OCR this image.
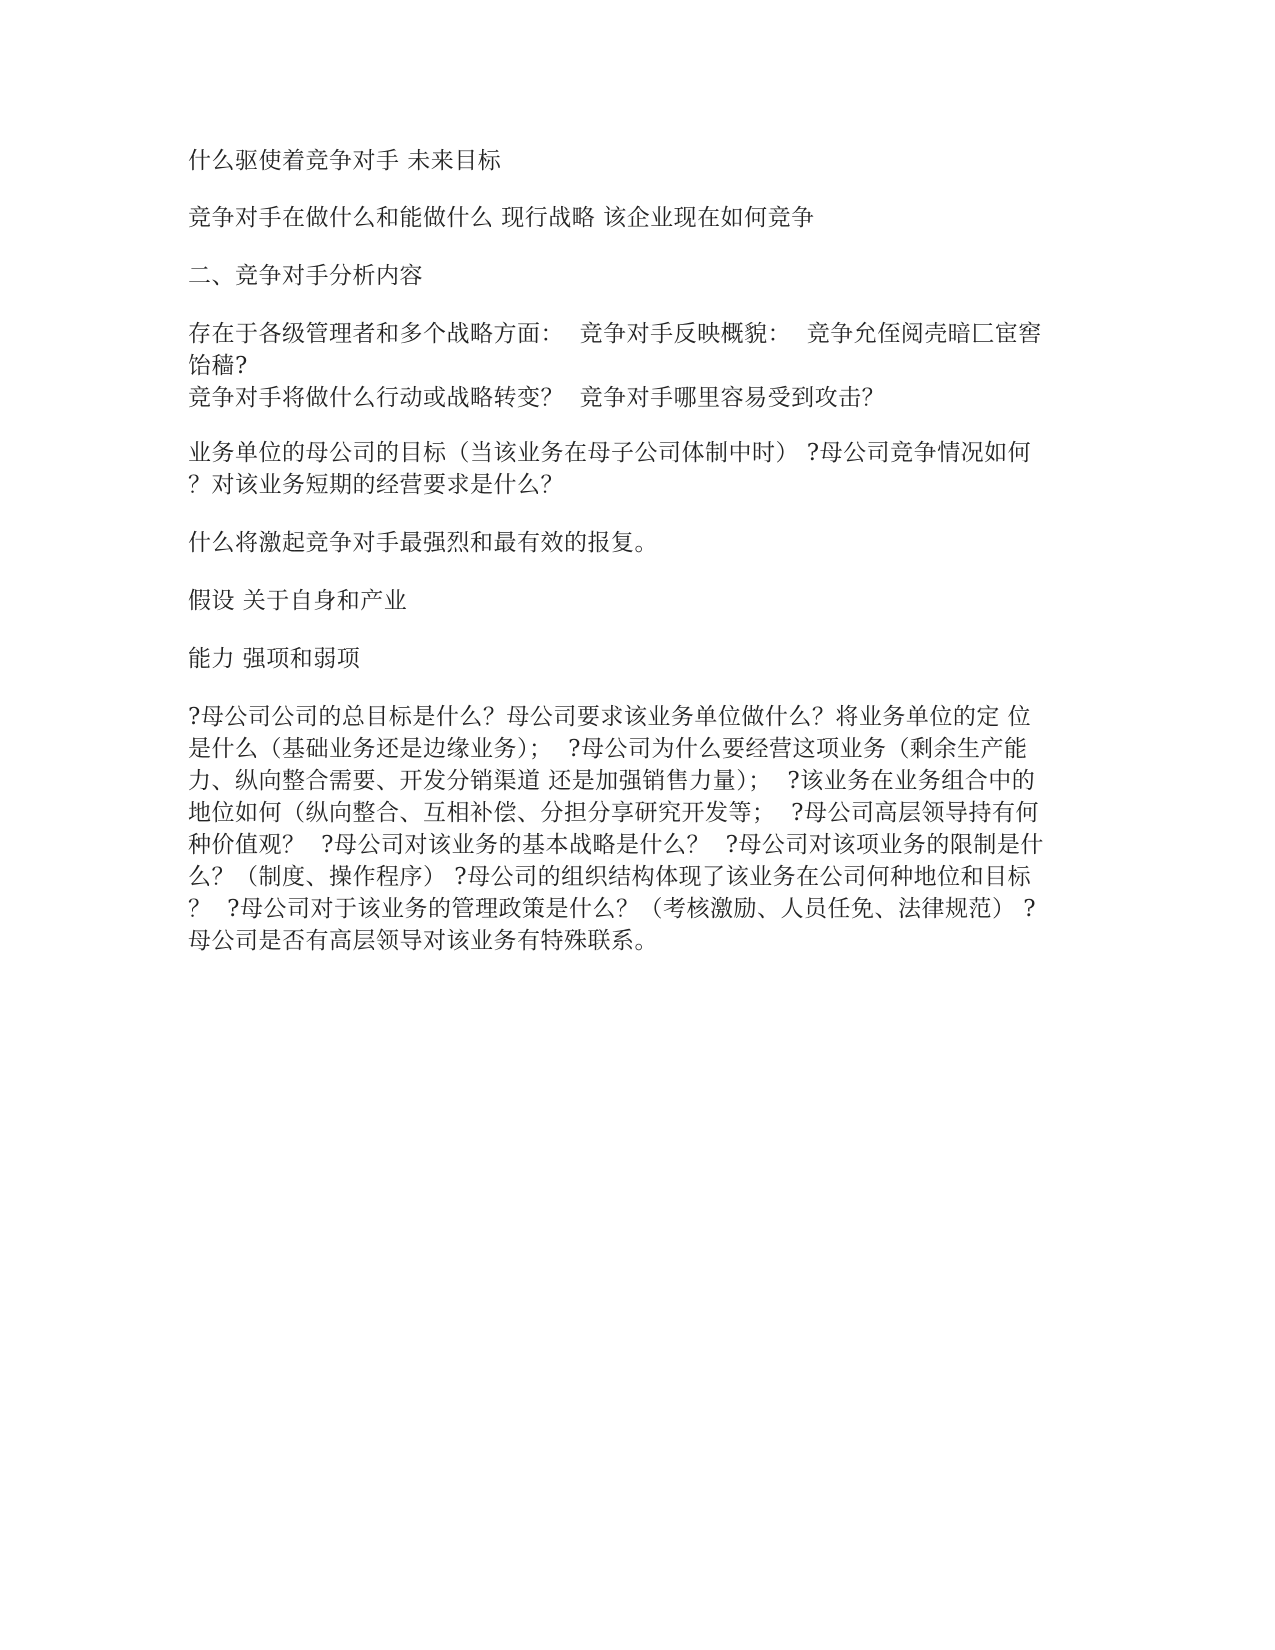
什么驱使着竞争对手 未来目标
竞争对手在做什么和能做什么 现行战略 该企业现在如何竞争
二、竞争对手分析内容
存在于各级管理者和多个战略方面：  竞争对手反映概貌：  竞争允侄阅壳暗匚宦窖
饴穑?
竞争对手将做什么行动或战略转变？  竞争对手哪里容易受到攻击？
业务单位的母公司的目标（当该业务在母子公司体制中时） ?母公司竞争情况如何
？对该业务短期的经营要求是什么？
什么将激起竞争对手最强烈和最有效的报复。
假设 关于自身和产业
能力 强项和弱项
?母公司公司的总目标是什么？母公司要求该业务单位做什么？将业务单位的定 位
是什么（基础业务还是边缘业务）；  ?母公司为什么要经营这项业务（剩余生产能
力、纵向整合需要、开发分销渠道 还是加强销售力量）；  ?该业务在业务组合中的
地位如何（纵向整合、互相补偿、分担分享研究开发等；  ?母公司高层领导持有何
种价值观？  ?母公司对该业务的基本战略是什么？  ?母公司对该项业务的限制是什
么？（制度、操作程序） ?母公司的组织结构体现了该业务在公司何种地位和目标
？  ?母公司对于该业务的管理政策是什么？（考核激励、人员任免、法律规范） ?
母公司是否有高层领导对该业务有特殊联系。
